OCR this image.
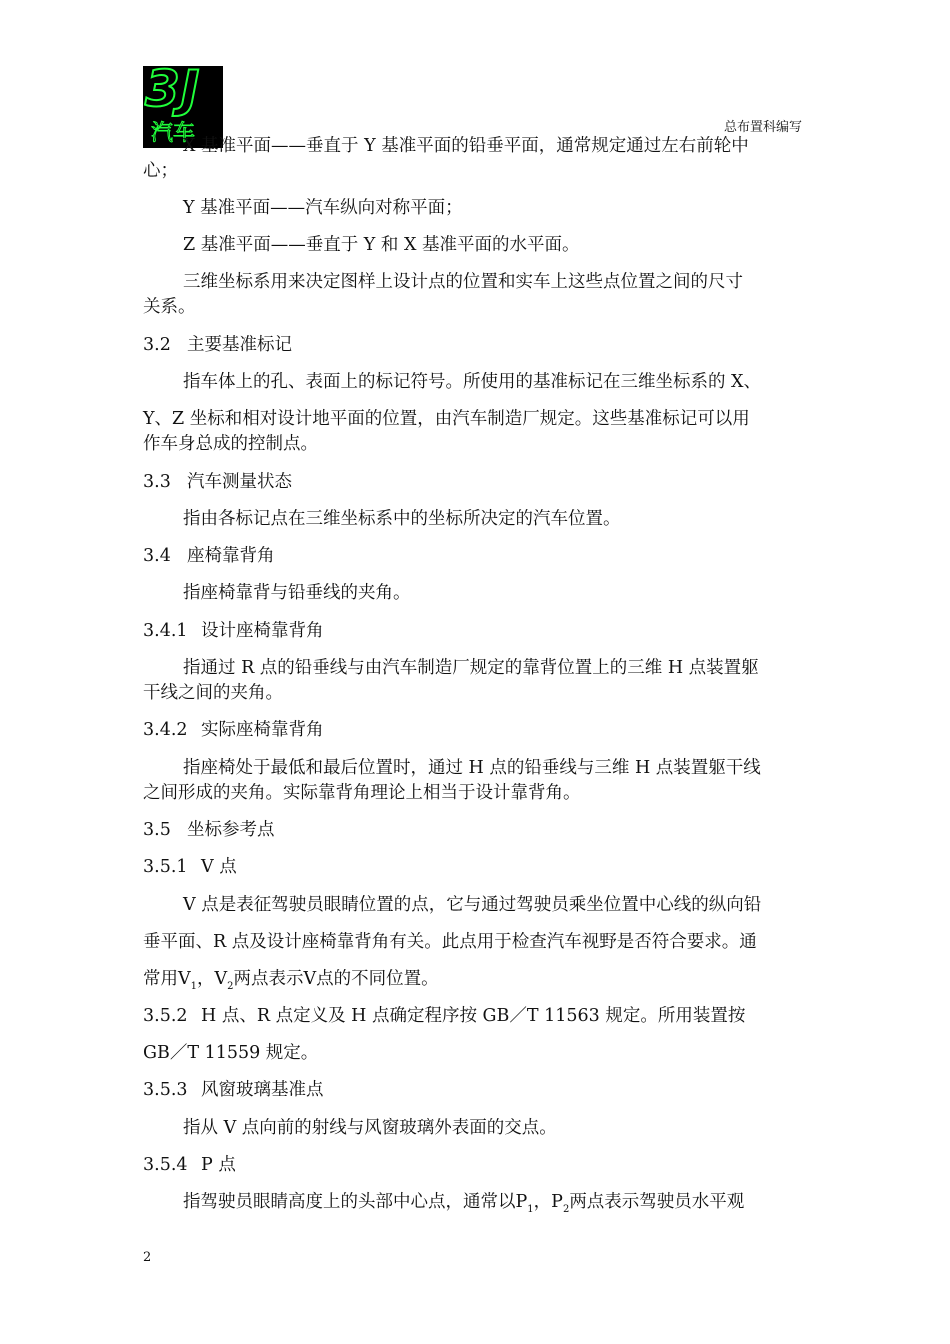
3J
汽车	总布置科编写
X 基准平面——垂直于 Y 基准平面的铅垂平面，通常规定通过左右前轮中
心；
Y 基准平面——汽车纵向对称平面；
Z 基准平面——垂直于 Y 和 X 基准平面的水平面。
三维坐标系用来决定图样上设计点的位置和实车上这些点位置之间的尺寸
关系。
3.2 主要基准标记
指车体上的孔、表面上的标记符号。所使用的基准标记在三维坐标系的 X、
Y、Z 坐标和相对设计地平面的位置，由汽车制造厂规定。这些基准标记可以用
作车身总成的控制点。
3.3 汽车测量状态
指由各标记点在三维坐标系中的坐标所决定的汽车位置。
3.4 座椅靠背角
指座椅靠背与铅垂线的夹角。
3.4.1 设计座椅靠背角
指通过 R 点的铅垂线与由汽车制造厂规定的靠背位置上的三维 H 点装置躯
干线之间的夹角。
3.4.2 实际座椅靠背角
指座椅处于最低和最后位置时，通过 H 点的铅垂线与三维 H 点装置躯干线
之间形成的夹角。实际靠背角理论上相当于设计靠背角。
3.5 坐标参考点
3.5.1 V 点
V 点是表征驾驶员眼睛位置的点，它与通过驾驶员乘坐位置中心线的纵向铅
垂平面、R 点及设计座椅靠背角有关。此点用于检查汽车视野是否符合要求。通
常用$V_1$，$V_2$两点表示V点的不同位置。
3.5.2 H 点、R 点定义及 H 点确定程序按 GB／T 11563 规定。所用装置按
GB／T 11559 规定。
3.5.3 风窗玻璃基准点
指从 V 点向前的射线与风窗玻璃外表面的交点。
3.5.4 P 点
指驾驶员眼睛高度上的头部中心点，通常以$P_1$，$P_2$两点表示驾驶员水平观
2
